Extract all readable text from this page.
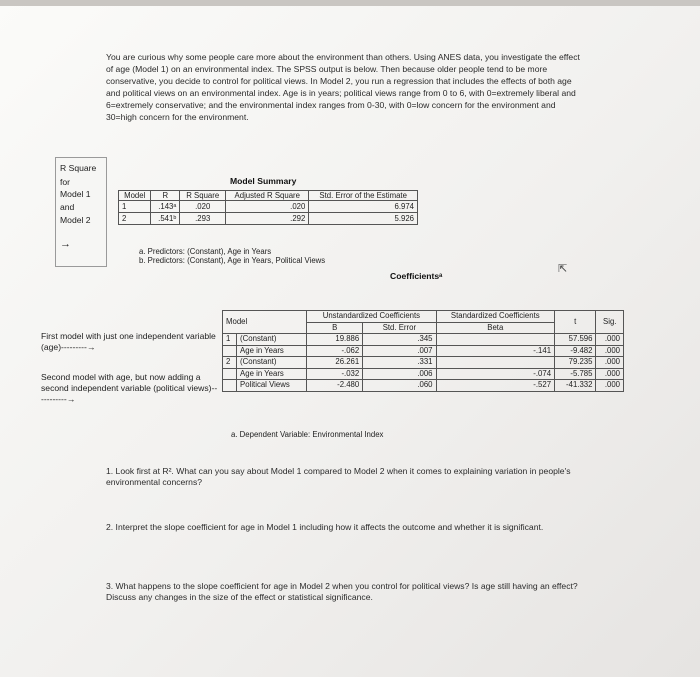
You are curious why some people care more about the environment than others. Using ANES data, you investigate the effect of age (Model 1) on an environmental index. The SPSS output is below. Then because older people tend to be more conservative, you decide to control for political views. In Model 2, you run a regression that includes the effects of both age and political views on an environmental index. Age is in years; political views range from 0 to 6, with 0=extremely liberal and 6=extremely conservative; and the environmental index ranges from 0-30, with 0=low concern for the environment and 30=high concern for the environment.
R Square
for
Model 1
and
Model 2
→
Model Summary
Model	R	R Square	Adjusted R Square	Std. Error of the Estimate
1	.143ᵃ	.020	.020	6.974
2	.541ᵇ	.293	.292	5.926
a. Predictors: (Constant), Age in Years
b. Predictors: (Constant), Age in Years, Political Views
⇱
Coefficientsᵃ
Model		Unstandardized Coefficients		Standardized Coefficients	t	Sig.
		B	Std. Error	Beta		
1	(Constant)	19.886	.345		57.596	.000
	Age in Years	-.062	.007	-.141	-9.482	.000
2	(Constant)	26.261	.331		79.235	.000
	Age in Years	-.032	.006	-.074	-5.785	.000
	Political Views	-2.480	.060	-.527	-41.332	.000
a. Dependent Variable: Environmental Index
First model with just one independent variable (age)---------→
Second model with age, but now adding a second independent variable (political views)-----------→
1. Look first at R². What can you say about Model 1 compared to Model 2 when it comes to explaining variation in people's environmental concerns?
2. Interpret the slope coefficient for age in Model 1 including how it affects the outcome and whether it is significant.
3. What happens to the slope coefficient for age in Model 2 when you control for political views? Is age still having an effect? Discuss any changes in the size of the effect or statistical significance.
